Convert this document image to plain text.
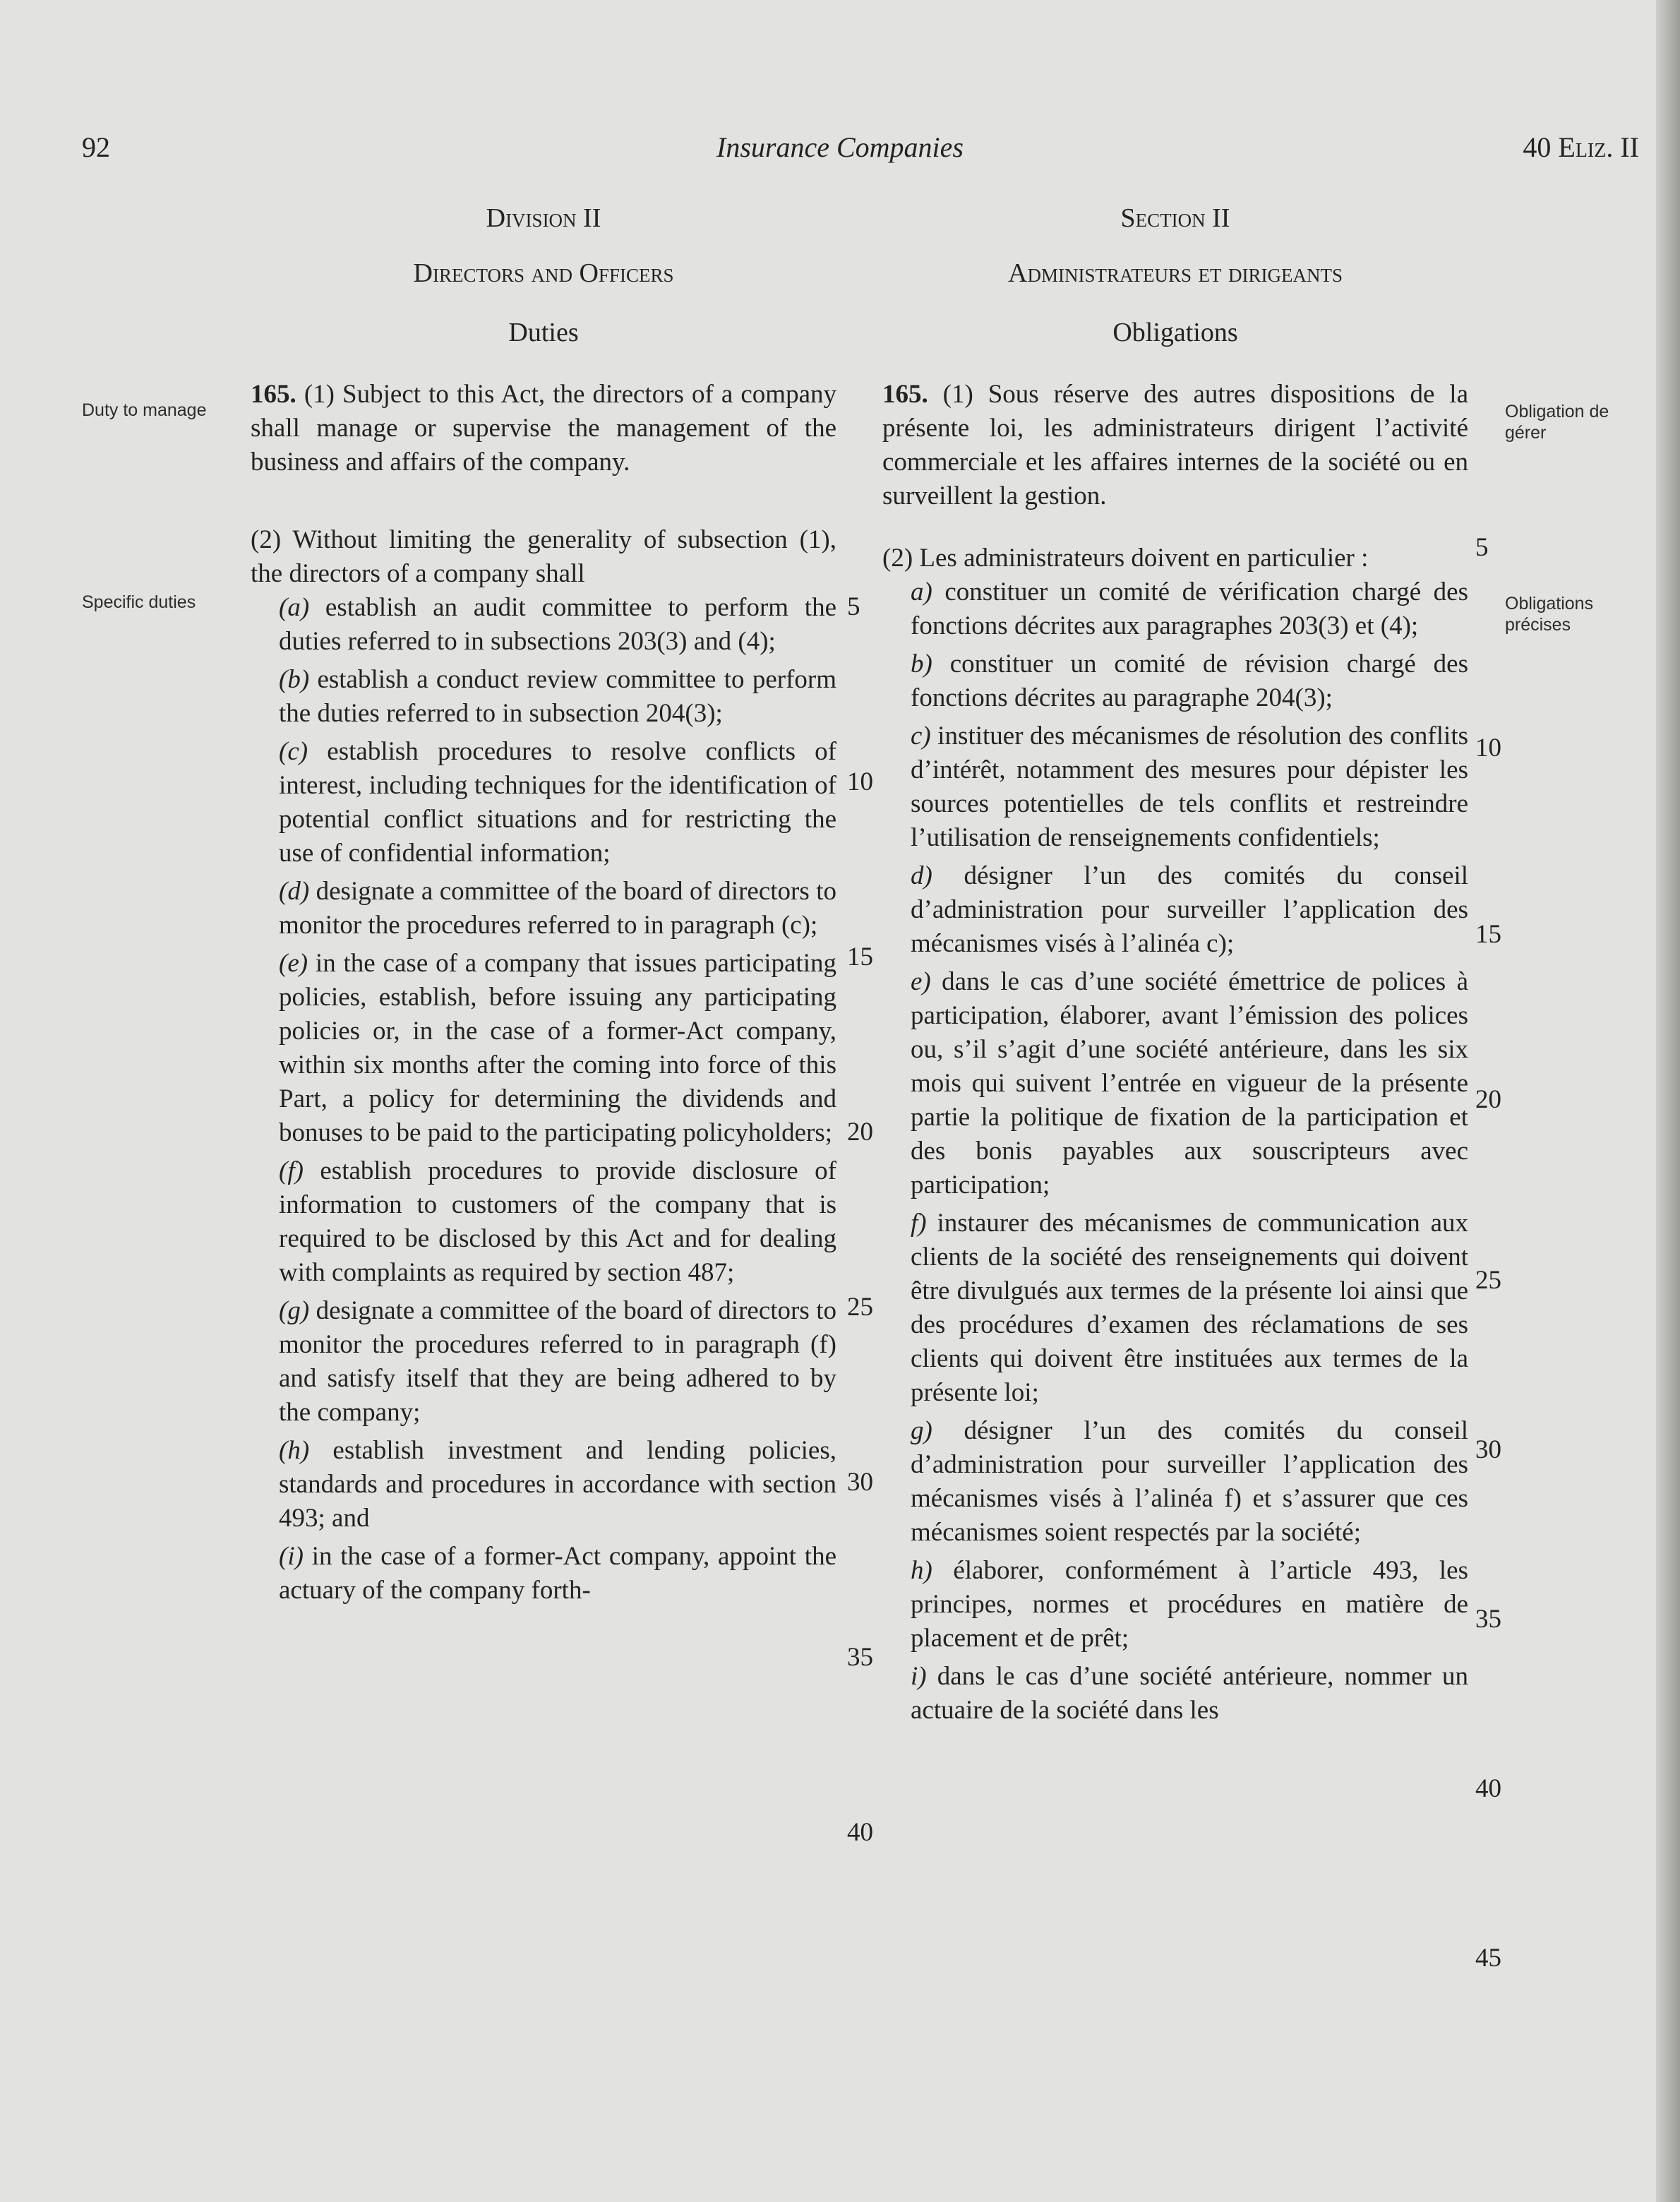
92	Insurance Companies	40 Eliz. II
Duty to manage
Specific duties
Obligation de gérer
Obligations précises
Division II
Directors and Officers
Duties

165. (1) Subject to this Act, the directors of a company shall manage or supervise the management of the business and affairs of the company.

(2) Without limiting the generality of subsection (1), the directors of a company shall

(a) establish an audit committee to perform the duties referred to in subsections 203(3) and (4);

(b) establish a conduct review committee to perform the duties referred to in subsection 204(3);

(c) establish procedures to resolve conflicts of interest, including techniques for the identification of potential conflict situations and for restricting the use of confidential information;

(d) designate a committee of the board of directors to monitor the procedures referred to in paragraph (c);

(e) in the case of a company that issues participating policies, establish, before issuing any participating policies or, in the case of a former-Act company, within six months after the coming into force of this Part, a policy for determining the dividends and bonuses to be paid to the participating policyholders;

(f) establish procedures to provide disclosure of information to customers of the company that is required to be disclosed by this Act and for dealing with complaints as required by section 487;

(g) designate a committee of the board of directors to monitor the procedures referred to in paragraph (f) and satisfy itself that they are being adhered to by the company;

(h) establish investment and lending policies, standards and procedures in accordance with section 493; and

(i) in the case of a former-Act company, appoint the actuary of the company forth-

5
10
15
20
25
30
35
40
Section II
Administrateurs et dirigeants
Obligations

165. (1) Sous réserve des autres dispositions de la présente loi, les administrateurs dirigent l’activité commerciale et les affaires internes de la société ou en surveillent la gestion.

(2) Les administrateurs doivent en particulier :

a) constituer un comité de vérification chargé des fonctions décrites aux paragraphes 203(3) et (4);

b) constituer un comité de révision chargé des fonctions décrites au paragraphe 204(3);

c) instituer des mécanismes de résolution des conflits d’intérêt, notamment des mesures pour dépister les sources potentielles de tels conflits et restreindre l’utilisation de renseignements confidentiels;

d) désigner l’un des comités du conseil d’administration pour surveiller l’application des mécanismes visés à l’alinéa c);

e) dans le cas d’une société émettrice de polices à participation, élaborer, avant l’émission des polices ou, s’il s’agit d’une société antérieure, dans les six mois qui suivent l’entrée en vigueur de la présente partie la politique de fixation de la participation et des bonis payables aux souscripteurs avec participation;

f) instaurer des mécanismes de communication aux clients de la société des renseignements qui doivent être divulgués aux termes de la présente loi ainsi que des procédures d’examen des réclamations de ses clients qui doivent être instituées aux termes de la présente loi;

g) désigner l’un des comités du conseil d’administration pour surveiller l’application des mécanismes visés à l’alinéa f) et s’assurer que ces mécanismes soient respectés par la société;

h) élaborer, conformément à l’article 493, les principes, normes et procédures en matière de placement et de prêt;

i) dans le cas d’une société antérieure, nommer un actuaire de la société dans les

5
10
15
20
25
30
35
40
45
